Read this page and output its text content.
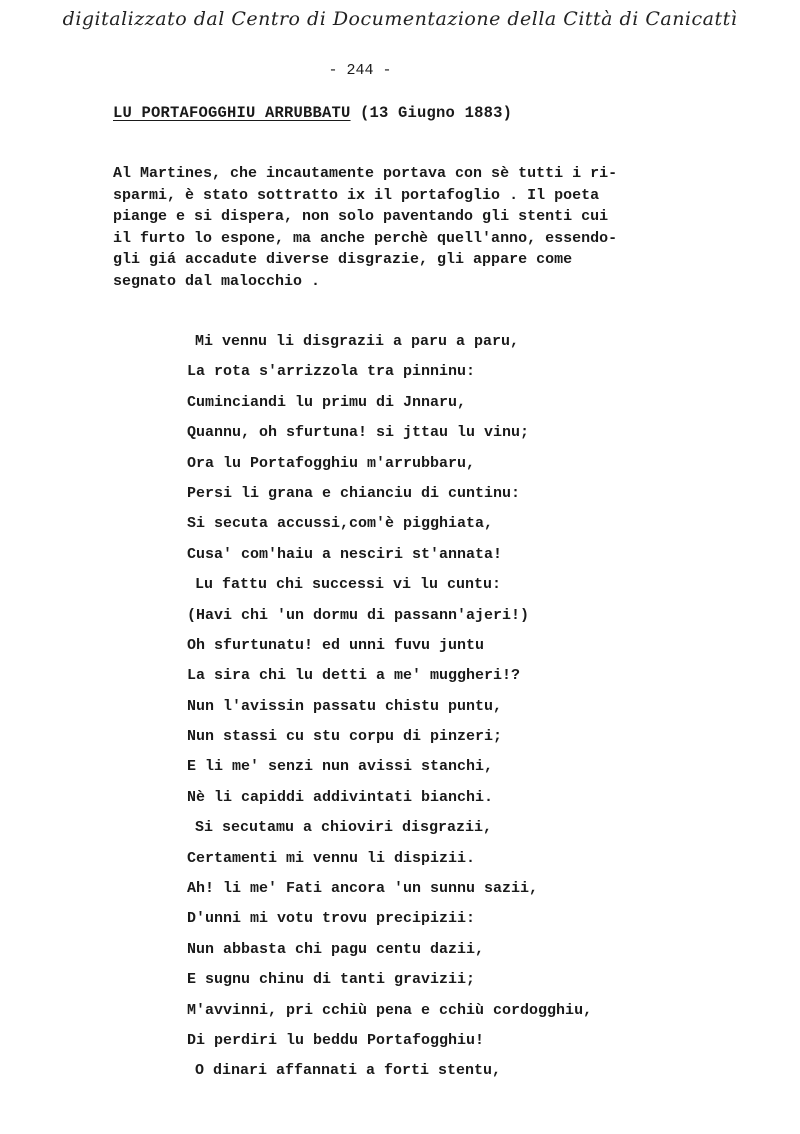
digitalizzato dal Centro di Documentazione della Città di Canicattì
- 244 -
LU PORTAFOGGHIU ARRUBBATU (13 Giugno 1883)
Al Martines, che incautamente portava con sè tutti i ri-
sparmi, è stato sottratto ix il portafoglio . Il poeta
piange e si dispera, non solo paventando gli stenti cui
il furto lo espone, ma anche perchè quell'anno, essendo-
gli giá accadute diverse disgrazie, gli appare come
segnato dal malocchio .
Mi vennu li disgrazii a paru a paru,
La rota s'arrizzola tra pinninu:
Cuminciandi lu primu di Jnnaru,
Quannu, oh sfurtuna! si jttau lu vinu;
Ora lu Portafogghiu m'arrubbaru,
Persi li grana e chianciu di cuntinu:
Si secuta accussi,com'è pigghiata,
Cusa' com'haiu a nesciri st'annata!
Lu fattu chi successi vi lu cuntu:
(Havi chi 'un dormu di passann'ajeri!)
Oh sfurtunatu! ed unni fuvu juntu
La sira chi lu detti a me' muggheri!?
Nun l'avissin passatu chistu puntu,
Nun stassi cu stu corpu di pinzeri;
E li me' senzi nun avissi stanchi,
Nè li capiddi addivintati bianchi.
Si secutamu a chioviri disgrazii,
Certamenti mi vennu li dispizii.
Ah! li me' Fati ancora 'un sunnu sazii,
D'unni mi votu trovu precipizii:
Nun abbasta chi pagu centu dazii,
E sugnu chinu di tanti gravizii;
M'avvinni, pri cchiù pena e cchiù cordogghiu,
Di perdiri lu beddu Portafogghiu!
O dinari affannati a forti stentu,
